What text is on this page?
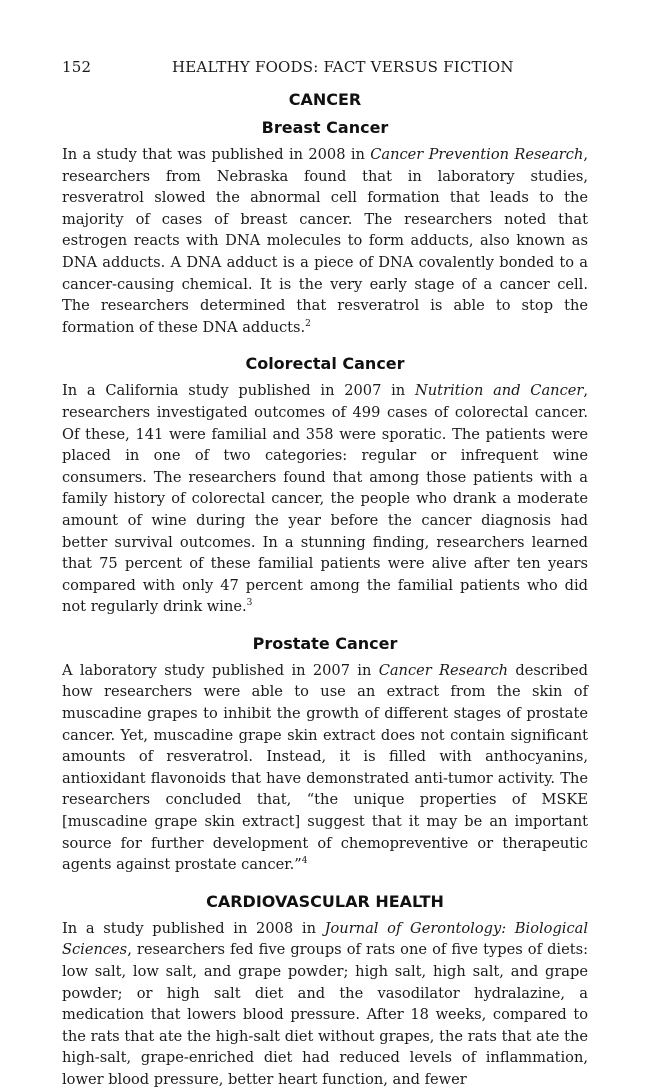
152	HEALTHY FOODS: FACT VERSUS FICTION
CANCER
Breast Cancer

In a study that was published in 2008 in Cancer Prevention Research, researchers from Nebraska found that in laboratory studies, resveratrol slowed the abnormal cell formation that leads to the majority of cases of breast cancer. The researchers noted that estrogen reacts with DNA molecules to form adducts, also known as DNA adducts. A DNA adduct is a piece of DNA covalently bonded to a cancer-causing chemical. It is the very early stage of a cancer cell. The researchers determined that resveratrol is able to stop the formation of these DNA adducts.$^2$

Colorectal Cancer

In a California study published in 2007 in Nutrition and Cancer, researchers investigated outcomes of 499 cases of colorectal cancer. Of these, 141 were familial and 358 were sporatic. The patients were placed in one of two categories: regular or infrequent wine consumers. The researchers found that among those patients with a family history of colorectal cancer, the people who drank a moderate amount of wine during the year before the cancer diagnosis had better survival outcomes. In a stunning finding, researchers learned that 75 percent of these familial patients were alive after ten years compared with only 47 percent among the familial patients who did not regularly drink wine.$^3$

Prostate Cancer

A laboratory study published in 2007 in Cancer Research described how researchers were able to use an extract from the skin of muscadine grapes to inhibit the growth of different stages of prostate cancer. Yet, muscadine grape skin extract does not contain significant amounts of resveratrol. Instead, it is filled with anthocyanins, antioxidant flavonoids that have demonstrated anti-tumor activity. The researchers concluded that, “the unique properties of MSKE [muscadine grape skin extract] suggest that it may be an important source for further development of chemopreventive or therapeutic agents against prostate cancer.”$^4$

CARDIOVASCULAR HEALTH

In a study published in 2008 in Journal of Gerontology: Biological Sciences, researchers fed five groups of rats one of five types of diets: low salt, low salt, and grape powder; high salt, high salt, and grape powder; or high salt diet and the vasodilator hydralazine, a medication that lowers blood pressure. After 18 weeks, compared to the rats that ate the high-salt diet without grapes, the rats that ate the high-salt, grape-enriched diet had reduced levels of inflammation, lower blood pressure, better heart function, and fewer
